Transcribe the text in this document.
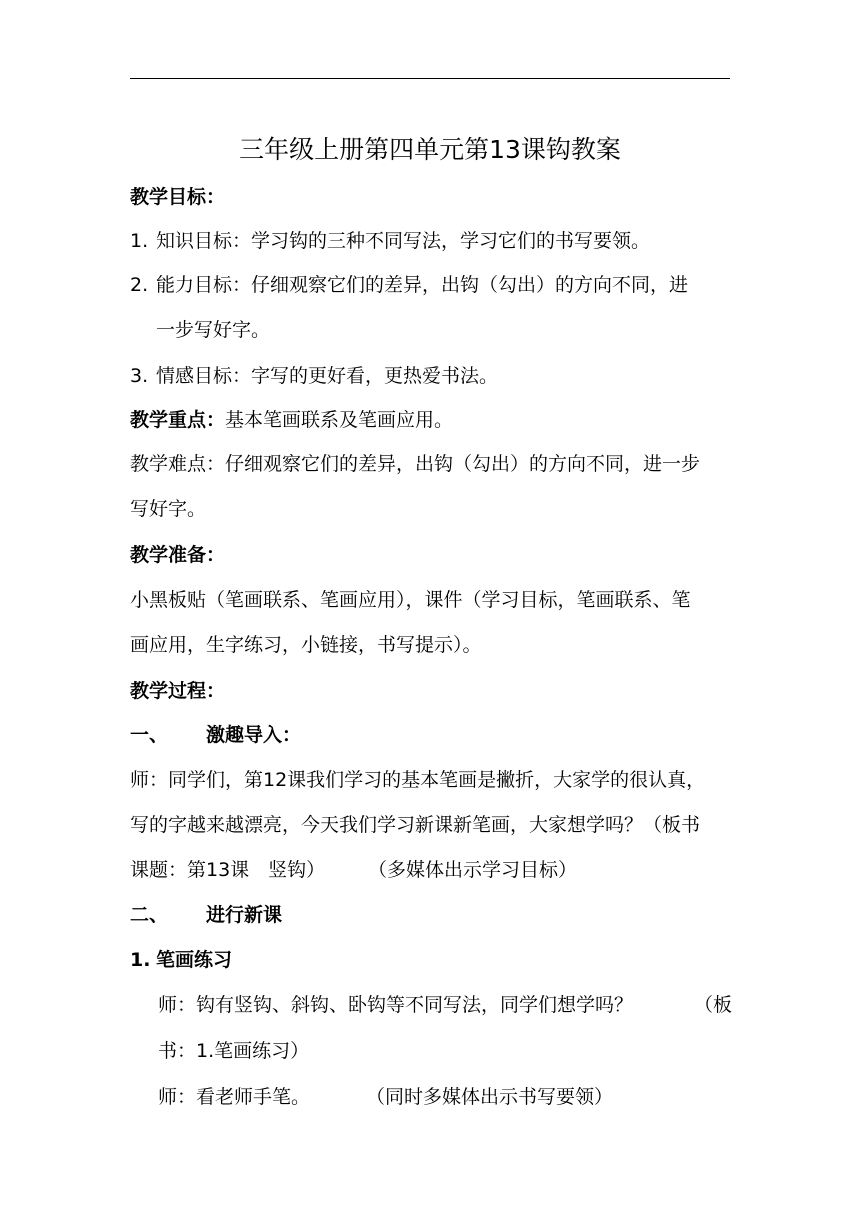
三年级上册第四单元第13课钩教案
教学目标：
1. 知识目标：学习钩的三种不同写法，学习它们的书写要领。
2. 能力目标：仔细观察它们的差异，出钩（勾出）的方向不同，进
一步写好字。
3. 情感目标：字写的更好看，更热爱书法。
教学重点：基本笔画联系及笔画应用。
教学难点：仔细观察它们的差异，出钩（勾出）的方向不同，进一步
写好字。
教学准备：
小黑板贴（笔画联系、笔画应用），课件（学习目标，笔画联系、笔
画应用，生字练习，小链接，书写提示）。
教学过程：
一、 激趣导入：
师：同学们，第12课我们学习的基本笔画是撇折，大家学的很认真，
写的字越来越漂亮，今天我们学习新课新笔画，大家想学吗？（板书
课题：第13课　竖钩） （多媒体出示学习目标）
二、 进行新课
1. 笔画练习
师：钩有竖钩、斜钩、卧钩等不同写法，同学们想学吗？	（板
书：1.笔画练习）
师：看老师手笔。	（同时多媒体出示书写要领）
